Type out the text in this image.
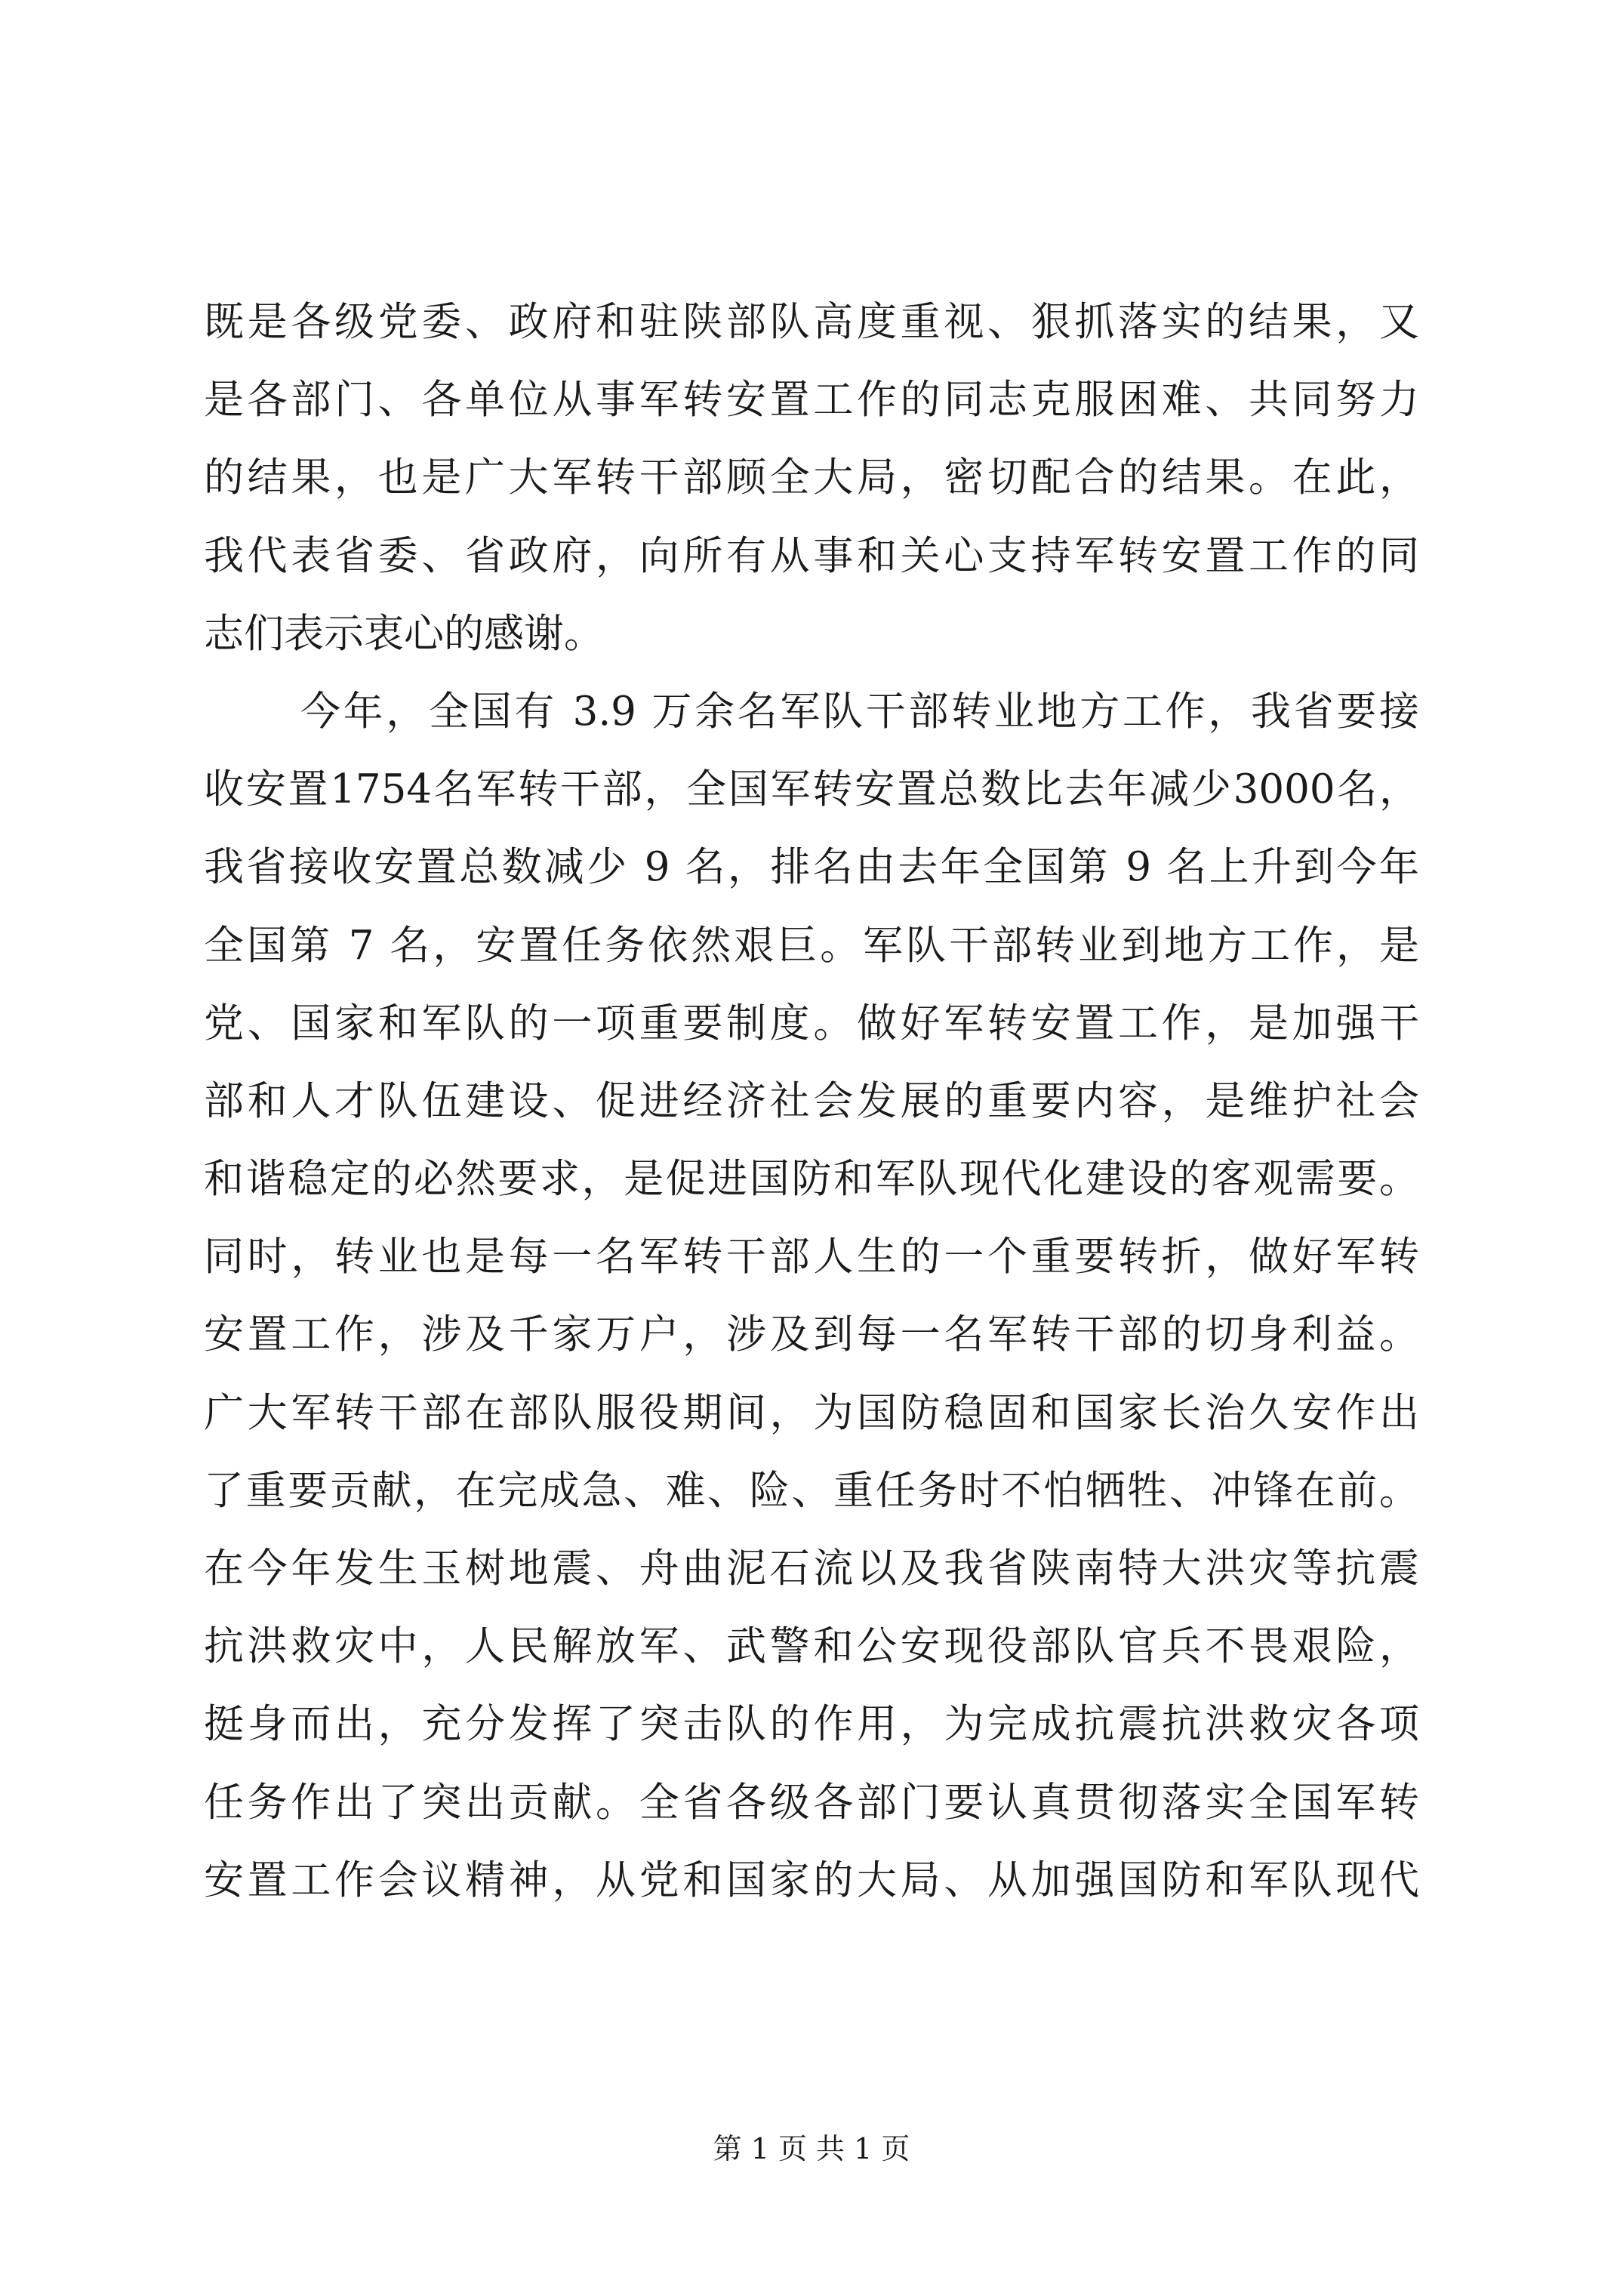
既是各级党委、政府和驻陕部队高度重视、狠抓落实的结果，又
是各部门、各单位从事军转安置工作的同志克服困难、共同努力
的结果，也是广大军转干部顾全大局，密切配合的结果。在此，
我代表省委、省政府，向所有从事和关心支持军转安置工作的同
志们表示衷心的感谢。
今年，全国有 3.9 万余名军队干部转业地方工作，我省要接
收安置1754名军转干部，全国军转安置总数比去年减少3000名，
我省接收安置总数减少 9 名，排名由去年全国第 9 名上升到今年
全国第 7 名，安置任务依然艰巨。军队干部转业到地方工作，是
党、国家和军队的一项重要制度。做好军转安置工作，是加强干
部和人才队伍建设、促进经济社会发展的重要内容，是维护社会
和谐稳定的必然要求，是促进国防和军队现代化建设的客观需要。
同时，转业也是每一名军转干部人生的一个重要转折，做好军转
安置工作，涉及千家万户，涉及到每一名军转干部的切身利益。
广大军转干部在部队服役期间，为国防稳固和国家长治久安作出
了重要贡献，在完成急、难、险、重任务时不怕牺牲、冲锋在前。
在今年发生玉树地震、舟曲泥石流以及我省陕南特大洪灾等抗震
抗洪救灾中，人民解放军、武警和公安现役部队官兵不畏艰险，
挺身而出，充分发挥了突击队的作用，为完成抗震抗洪救灾各项
任务作出了突出贡献。全省各级各部门要认真贯彻落实全国军转
安置工作会议精神，从党和国家的大局、从加强国防和军队现代
第 1 页 共 1 页
